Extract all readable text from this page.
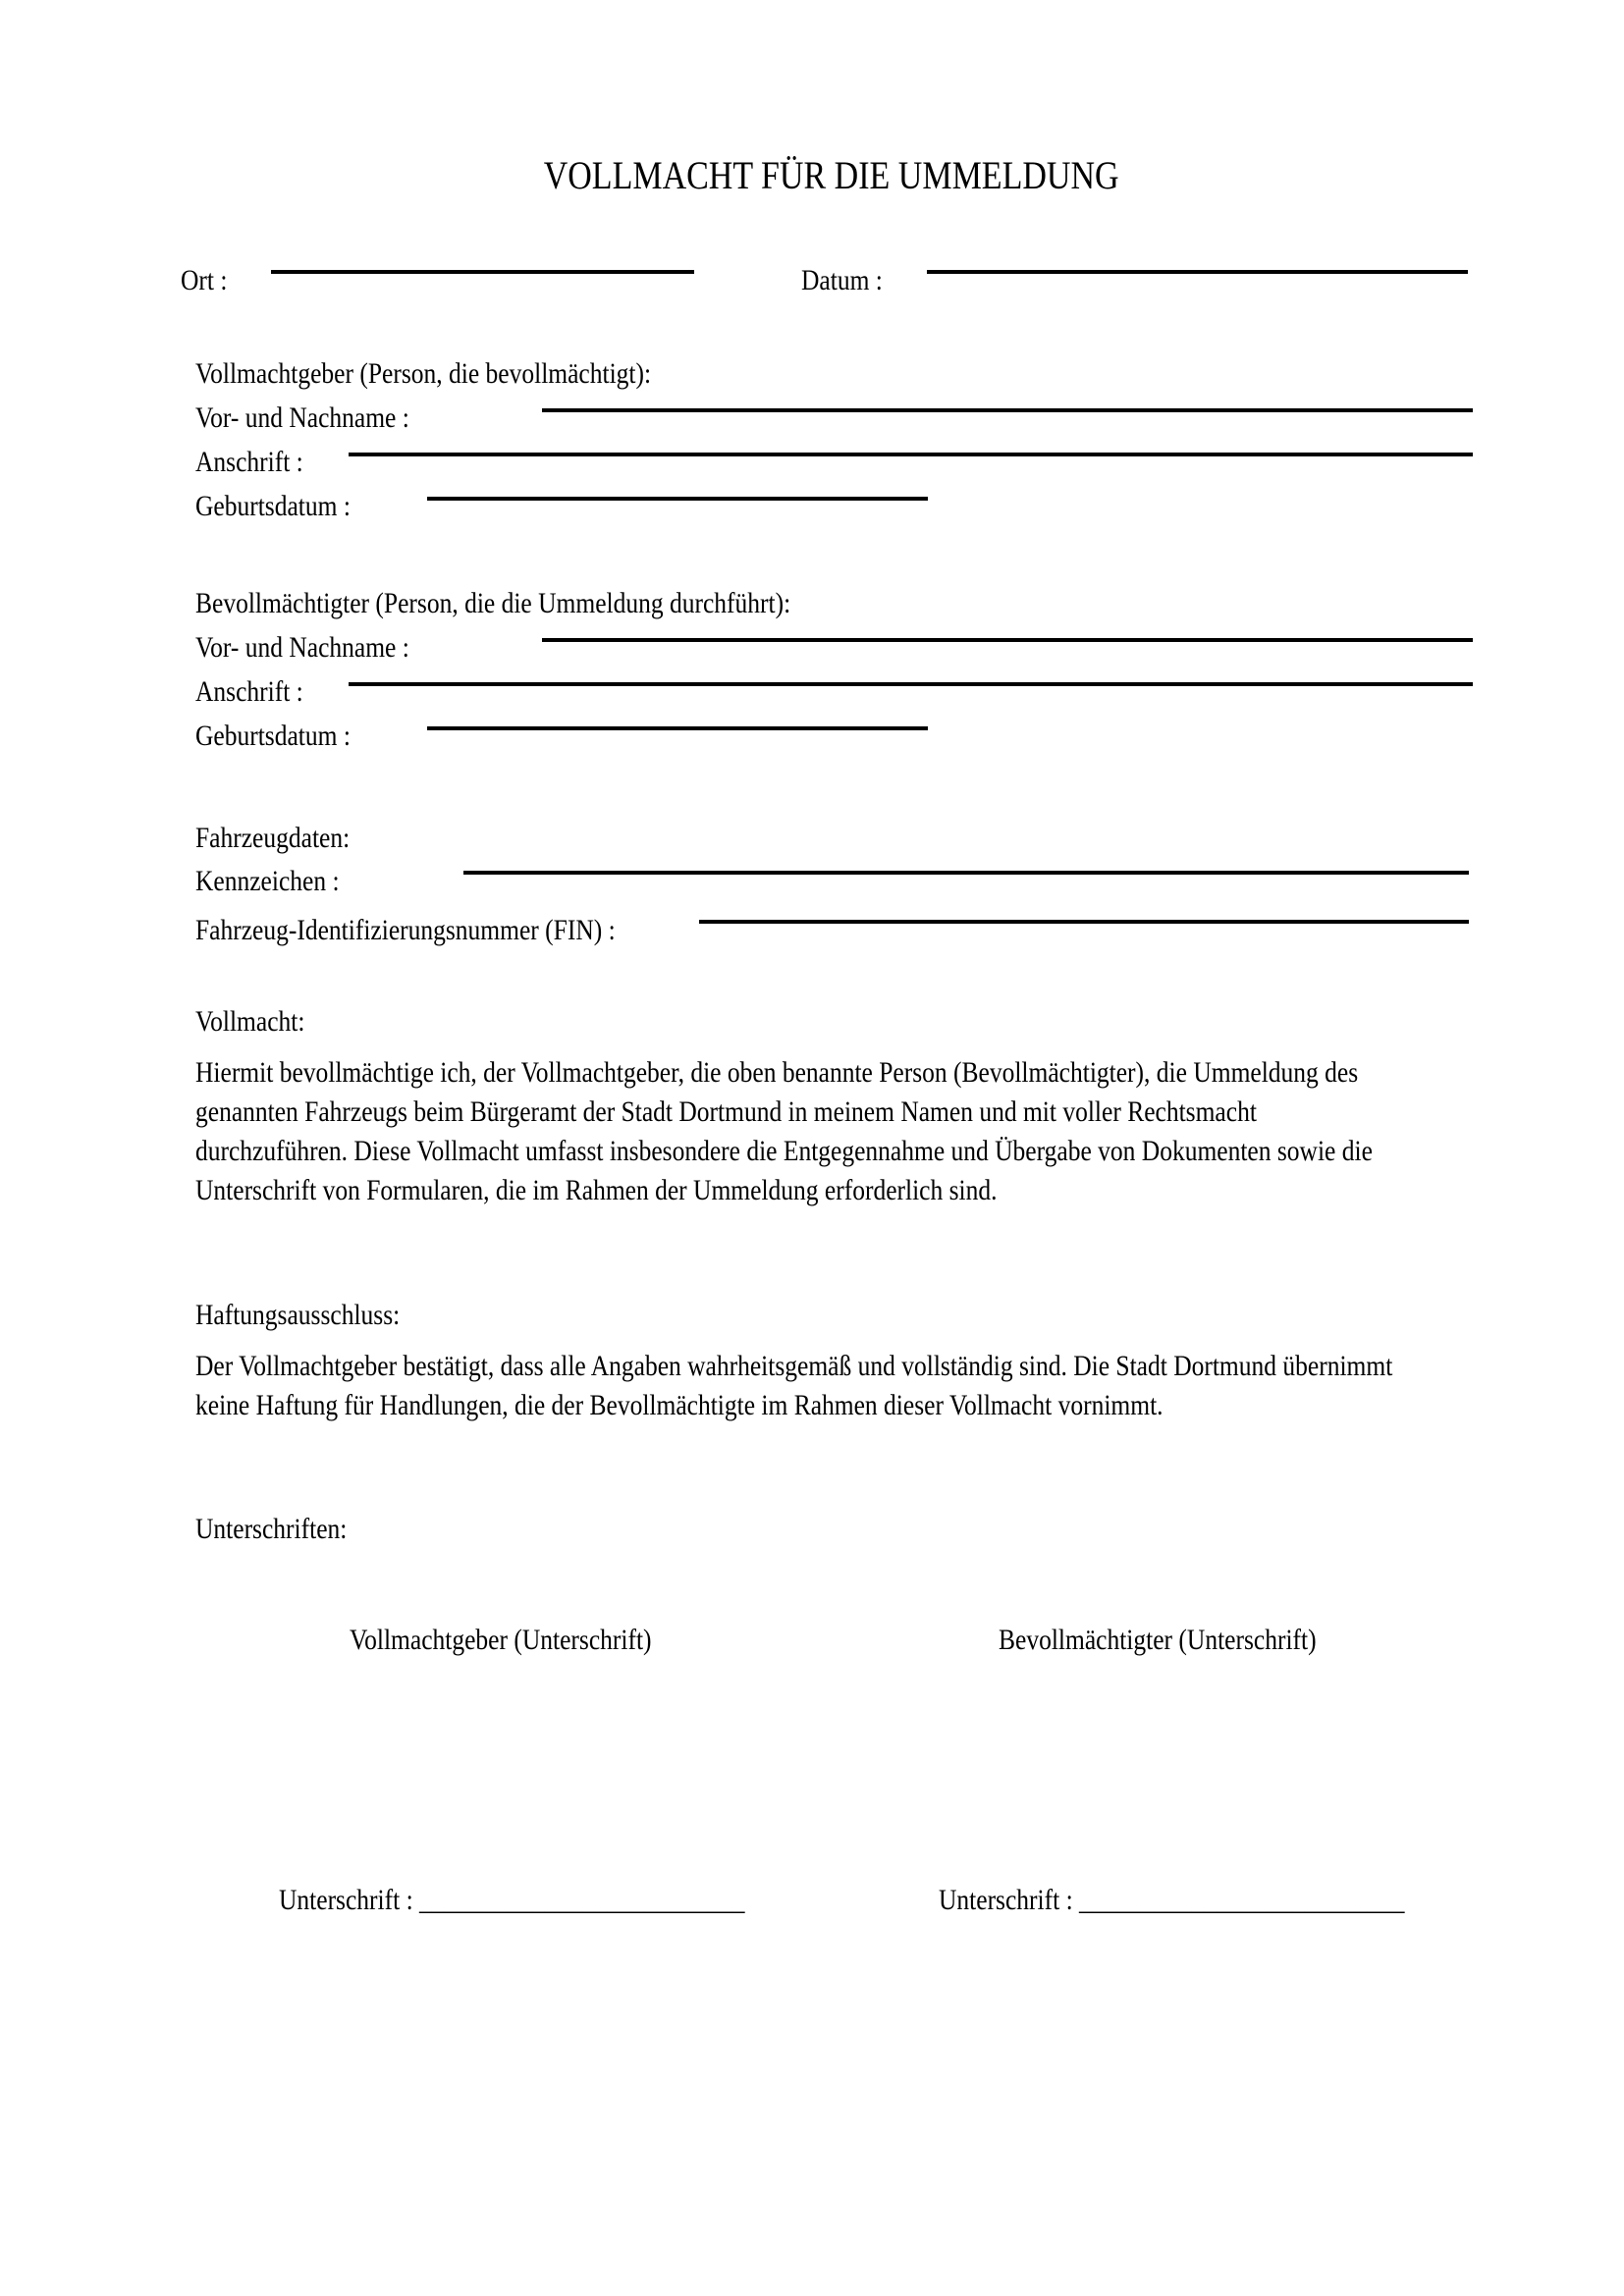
VOLLMACHT FÜR DIE UMMELDUNG

Ort :
	Datum :

Vollmachtgeber (Person, die bevollmächtigt):

Vor- und Nachname :

Anschrift :

Geburtsdatum :

Bevollmächtigter (Person, die die Ummeldung durchführt):

Vor- und Nachname :

Anschrift :

Geburtsdatum :

Fahrzeugdaten:

Kennzeichen :

Fahrzeug-Identifizierungsnummer (FIN) :

Vollmacht:

Hiermit bevollmächtige ich, der Vollmachtgeber, die oben benannte Person (Bevollmächtigter), die Ummeldung des

genannten Fahrzeugs beim Bürgeramt der Stadt Dortmund in meinem Namen und mit voller Rechtsmacht

durchzuführen. Diese Vollmacht umfasst insbesondere die Entgegennahme und Übergabe von Dokumenten sowie die

Unterschrift von Formularen, die im Rahmen der Ummeldung erforderlich sind.

Haftungsausschluss:

Der Vollmachtgeber bestätigt, dass alle Angaben wahrheitsgemäß und vollständig sind. Die Stadt Dortmund übernimmt

keine Haftung für Handlungen, die der Bevollmächtigte im Rahmen dieser Vollmacht vornimmt.

Unterschriften:

Vollmachtgeber (Unterschrift)
	Bevollmächtigter (Unterschrift)

Unterschrift : __________________________
	Unterschrift : __________________________
